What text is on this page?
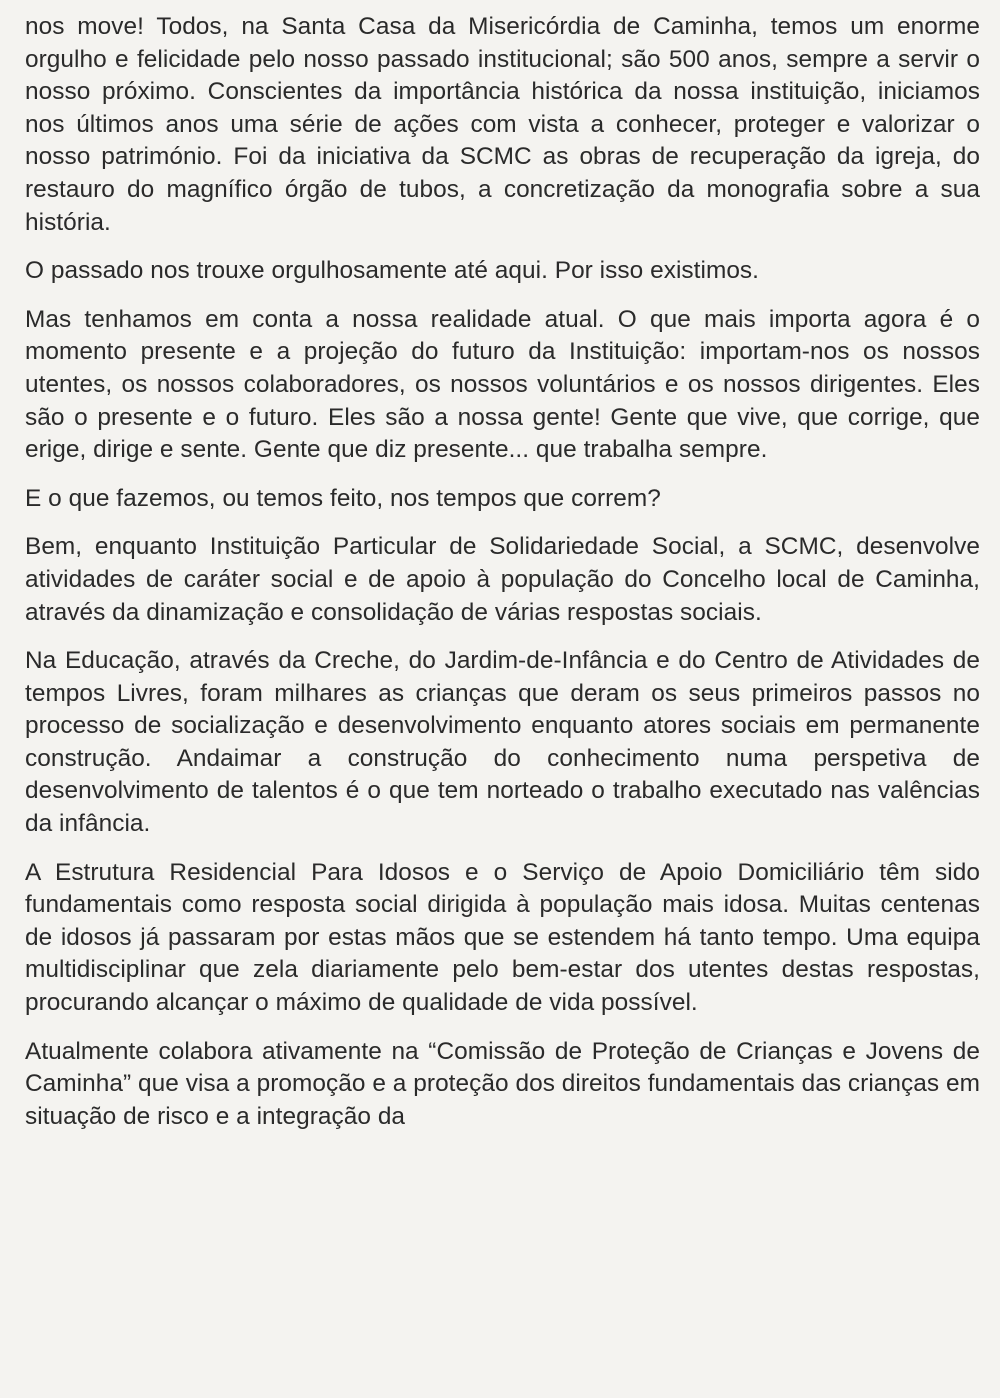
nos move! Todos, na Santa Casa da Misericórdia de Caminha, temos um enorme orgulho e felicidade pelo nosso passado institucional; são 500 anos, sempre a servir o nosso próximo. Conscientes da importância histórica da nossa instituição, iniciamos nos últimos anos uma série de ações com vista a conhecer, proteger e valorizar o nosso património. Foi da iniciativa da SCMC as obras de recuperação da igreja, do restauro do magnífico órgão de tubos, a concretização da monografia sobre a sua história.

O passado nos trouxe orgulhosamente até aqui. Por isso existimos.

Mas tenhamos em conta a nossa realidade atual. O que mais importa agora é o momento presente e a projeção do futuro da Instituição: importam-nos os nossos utentes, os nossos colaboradores, os nossos voluntários e os nossos dirigentes. Eles são o presente e o futuro. Eles são a nossa gente! Gente que vive, que corrige, que erige, dirige e sente. Gente que diz presente... que trabalha sempre.

E o que fazemos, ou temos feito, nos tempos que correm?

Bem, enquanto Instituição Particular de Solidariedade Social, a SCMC, desenvolve atividades de caráter social e de apoio à população do Concelho local de Caminha, através da dinamização e consolidação de várias respostas sociais.

Na Educação, através da Creche, do Jardim-de-Infância e do Centro de Atividades de tempos Livres, foram milhares as crianças que deram os seus primeiros passos no processo de socialização e desenvolvimento enquanto atores sociais em permanente construção. Andaimar a construção do conhecimento numa perspetiva de desenvolvimento de talentos é o que tem norteado o trabalho executado nas valências da infância.

A Estrutura Residencial Para Idosos e o Serviço de Apoio Domiciliário têm sido fundamentais como resposta social dirigida à população mais idosa. Muitas centenas de idosos já passaram por estas mãos que se estendem há tanto tempo. Uma equipa multidisciplinar que zela diariamente pelo bem-estar dos utentes destas respostas, procurando alcançar o máximo de qualidade de vida possível.

Atualmente colabora ativamente na “Comissão de Proteção de Crianças e Jovens de Caminha” que visa a promoção e a proteção dos direitos fundamentais das crianças em situação de risco e a integração da
